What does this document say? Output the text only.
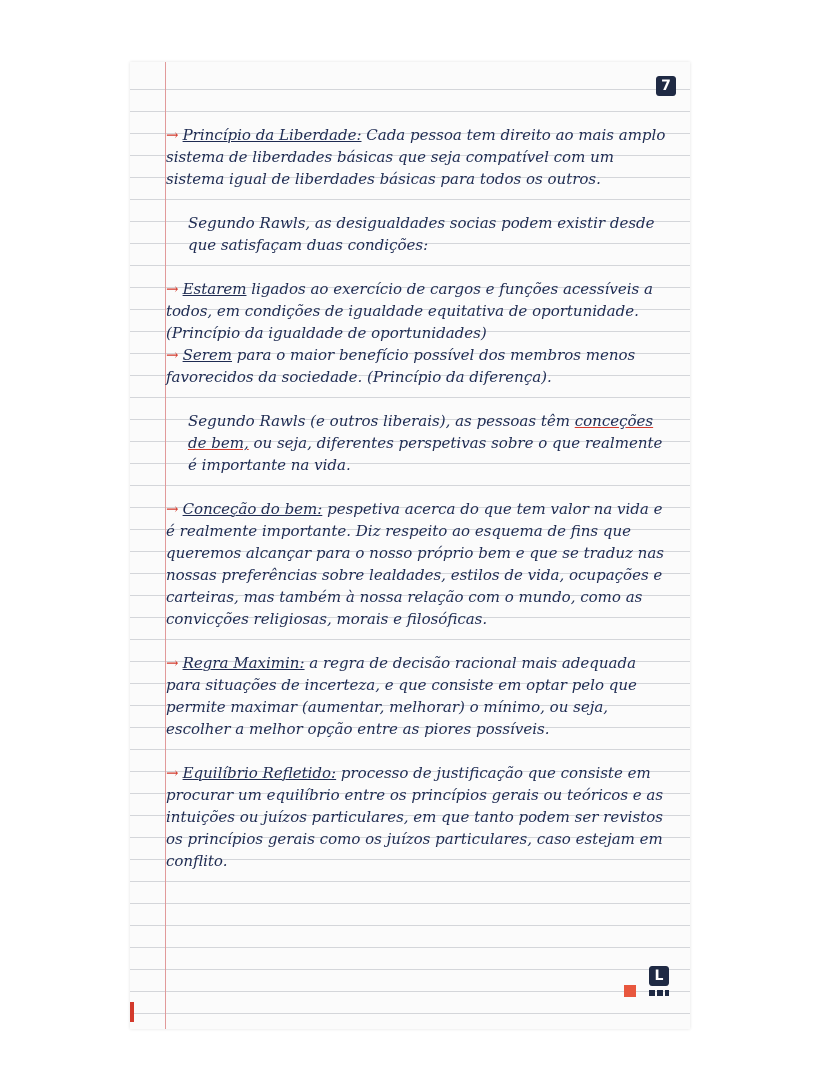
7
L

→ Princípio da Liberdade: Cada pessoa tem direito ao mais amplo sistema de liberdades básicas que seja compatível com um sistema igual de liberdades básicas para todos os outros.

Segundo Rawls, as desigualdades socias podem existir desde que satisfaçam duas condições:

→ Estarem ligados ao exercício de cargos e funções acessíveis a todos, em condições de igualdade equitativa de oportunidade. (Princípio da igualdade de oportunidades)

→ Serem para o maior benefício possível dos membros menos favorecidos da sociedade. (Princípio da diferença).

Segundo Rawls (e outros liberais), as pessoas têm conceções de bem, ou seja, diferentes perspetivas sobre o que realmente é importante na vida.

→ Conceção do bem: pespetiva acerca do que tem valor na vida e é realmente importante. Diz respeito ao esquema de fins que queremos alcançar para o nosso próprio bem e que se traduz nas nossas preferências sobre lealdades, estilos de vida, ocupações e carteiras, mas também à nossa relação com o mundo, como as convicções religiosas, morais e filosóficas.

→ Regra Maximin: a regra de decisão racional mais adequada para situações de incerteza, e que consiste em optar pelo que permite maximar (aumentar, melhorar) o mínimo, ou seja, escolher a melhor opção entre as piores possíveis.

→ Equilíbrio Refletido: processo de justificação que consiste em procurar um equilíbrio entre os princípios gerais ou teóricos e as intuições ou juízos particulares, em que tanto podem ser revistos os princípios gerais como os juízos particulares, caso estejam em conflito.
